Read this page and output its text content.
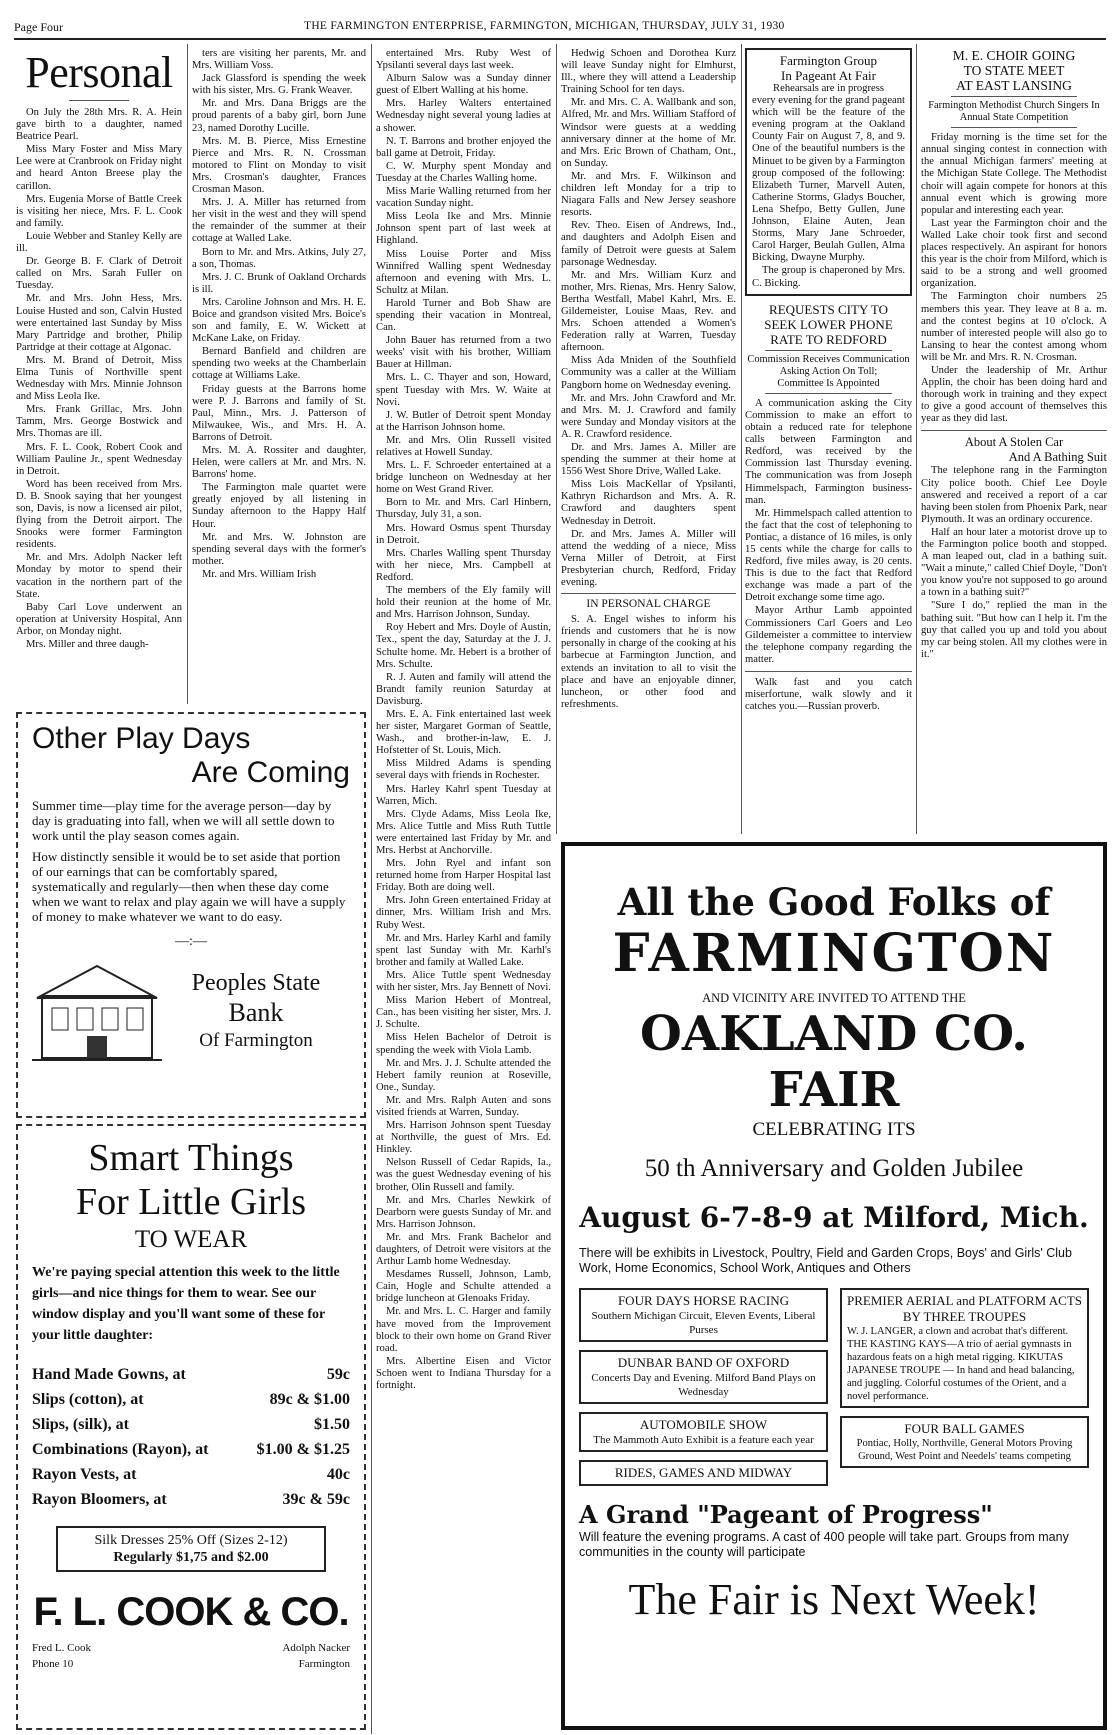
Page Four	THE FARMINGTON ENTERPRISE, FARMINGTON, MICHIGAN, THURSDAY, JULY 31, 1930
Personal

On July the 28th Mrs. R. A. Hein gave birth to a daughter, named Beatrice Pearl.

Miss Mary Foster and Miss Mary Lee were at Cranbrook on Friday night and heard Anton Breese play the carillon.

Mrs. Eugenia Morse of Battle Creek is visiting her niece, Mrs. F. L. Cook and family.

Louie Webber and Stanley Kelly are ill.

Dr. George B. F. Clark of Detroit called on Mrs. Sarah Fuller on Tuesday.

Mr. and Mrs. John Hess, Mrs. Louise Husted and son, Calvin Husted were entertained last Sunday by Miss Mary Partridge and brother, Philip Partridge at their cottage at Algonac.

Mrs. M. Brand of Detroit, Miss Elma Tunis of Northville spent Wednesday with Mrs. Minnie Johnson and Miss Leola Ike.

Mrs. Frank Grillac, Mrs. John Tamm, Mrs. George Bostwick and Mrs. Thomas are ill.

Mrs. F. L. Cook, Robert Cook and William Pauline Jr., spent Wednesday in Detroit.

Word has been received from Mrs. D. B. Snook saying that her youngest son, Davis, is now a licensed air pilot, flying from the Detroit airport. The Snooks were former Farmington residents.

Mr. and Mrs. Adolph Nacker left Monday by motor to spend their vacation in the northern part of the State.

Baby Carl Love underwent an operation at University Hospital, Ann Arbor, on Monday night.

Mrs. Miller and three daugh-

ters are visiting her parents, Mr. and Mrs. William Voss.

Jack Glassford is spending the week with his sister, Mrs. G. Frank Weaver.

Mr. and Mrs. Dana Briggs are the proud parents of a baby girl, born June 23, named Dorothy Lucille.

Mrs. M. B. Pierce, Miss Ernestine Pierce and Mrs. R. N. Crossman motored to Flint on Monday to visit Mrs. Crosman's daughter, Frances Crosman Mason.

Mrs. J. A. Miller has returned from her visit in the west and they will spend the remainder of the summer at their cottage at Walled Lake.

Born to Mr. and Mrs. Atkins, July 27, a son, Thomas.

Mrs. J. C. Brunk of Oakland Orchards is ill.

Mrs. Caroline Johnson and Mrs. H. E. Boice and grandson visited Mrs. Boice's son and family, E. W. Wickett at McKane Lake, on Friday.

Bernard Banfield and children are spending two weeks at the Chamberlain cottage at Williams Lake.

Friday guests at the Barrons home were P. J. Barrons and family of St. Paul, Minn., Mrs. J. Patterson of Milwaukee, Wis., and Mrs. H. A. Barrons of Detroit.

Mrs. M. A. Rossiter and daughter, Helen, were callers at Mr. and Mrs. N. Barrons' home.

The Farmington male quartet were greatly enjoyed by all listening in Sunday afternoon to the Happy Half Hour.

Mr. and Mrs. W. Johnston are spending several days with the former's mother.

Mr. and Mrs. William Irish

Other Play Days
Are Coming
Summer time—play time for the average person—day by day is graduating into fall, when we will all settle down to work until the play season comes again.
How distinctly sensible it would be to set aside that portion of our earnings that can be comfortably spared, systematically and regularly—then when these day come when we want to relax and play again we will have a supply of money to make whatever we want to do easy.
—:—
Peoples State
Bank
Of Farmington
Smart Things
For Little Girls
TO WEAR
We're paying special attention this week to the little girls—and nice things for them to wear. See our window display and you'll want some of these for your little daughter:
Hand Made Gowns, at	59c
Slips (cotton), at	89c & $1.00
Slips, (silk), at	$1.50
Combinations (Rayon), at	$1.00 & $1.25
Rayon Vests, at	40c
Rayon Bloomers, at	39c & 59c
Silk Dresses 25% Off (Sizes 2-12)
Regularly $1,75 and $2.00
F. L. COOK & CO.
Fred L. Cook
Phone 10
Adolph Nacker
Farmington

entertained Mrs. Ruby West of Ypsilanti several days last week.

Alburn Salow was a Sunday dinner guest of Elbert Walling at his home.

Mrs. Harley Walters entertained Wednesday night several young ladies at a shower.

N. T. Barrons and brother enjoyed the ball game at Detroit, Friday.

C. W. Murphy spent Monday and Tuesday at the Charles Walling home.

Miss Marie Walling returned from her vacation Sunday night.

Miss Leola Ike and Mrs. Minnie Johnson spent part of last week at Highland.

Miss Louise Porter and Miss Winnifred Walling spent Wednesday afternoon and evening with Mrs. L. Schultz at Milan.

Harold Turner and Bob Shaw are spending their vacation in Montreal, Can.

John Bauer has returned from a two weeks' visit with his brother, William Bauer at Hillman.

Mrs. L. C. Thayer and son, Howard, spent Tuesday with Mrs. W. Waite at Novi.

J. W. Butler of Detroit spent Monday at the Harrison Johnson home.

Mr. and Mrs. Olin Russell visited relatives at Howell Sunday.

Mrs. L. F. Schroeder entertained at a bridge luncheon on Wednesday at her home on West Grand River.

Born to Mr. and Mrs. Carl Hinbern, Thursday, July 31, a son.

Mrs. Howard Osmus spent Thursday in Detroit.

Mrs. Charles Walling spent Thursday with her niece, Mrs. Campbell at Redford.

The members of the Ely family will hold their reunion at the home of Mr. and Mrs. Harrison Johnson, Sunday.

Roy Hebert and Mrs. Doyle of Austin, Tex., spent the day, Saturday at the J. J. Schulte home. Mr. Hebert is a brother of Mrs. Schulte.

R. J. Auten and family will attend the Brandt family reunion Saturday at Davisburg.

Mrs. E. A. Fink entertained last week her sister, Margaret Gorman of Seattle, Wash., and brother-in-law, E. J. Hofstetter of St. Louis, Mich.

Miss Mildred Adams is spending several days with friends in Rochester.

Mrs. Harley Kahrl spent Tuesday at Warren, Mich.

Mrs. Clyde Adams, Miss Leola Ike, Mrs. Alice Tuttle and Miss Ruth Tuttle were entertained last Friday by Mr. and Mrs. Herbst at Anchorville.

Mrs. John Ryel and infant son returned home from Harper Hospital last Friday. Both are doing well.

Mrs. John Green entertained Friday at dinner, Mrs. William Irish and Mrs. Ruby West.

Mr. and Mrs. Harley Karhl and family spent last Sunday with Mr. Karhl's brother and family at Walled Lake.

Mrs. Alice Tuttle spent Wednesday with her sister, Mrs. Jay Bennett of Novi.

Miss Marion Hebert of Montreal, Can., has been visiting her sister, Mrs. J. J. Schulte.

Miss Helen Bachelor of Detroit is spending the week with Viola Lamb.

Mr. and Mrs. J. J. Schulte attended the Hebert family reunion at Roseville, One., Sunday.

Mr. and Mrs. Ralph Auten and sons visited friends at Warren, Sunday.

Mrs. Harrison Johnson spent Tuesday at Northville, the guest of Mrs. Ed. Hinkley.

Nelson Russell of Cedar Rapids, Ia., was the guest Wednesday evening of his brother, Olin Russell and family.

Mr. and Mrs. Charles Newkirk of Dearborn were guests Sunday of Mr. and Mrs. Harrison Johnson.

Mr. and Mrs. Frank Bachelor and daughters, of Detroit were visitors at the Arthur Lamb home Wednesday.

Mesdames Russell, Johnson, Lamb, Cain, Hogle and Schulte attended a bridge luncheon at Glenoaks Friday.

Mr. and Mrs. L. C. Harger and family have moved from the Improvement block to their own home on Grand River road.

Mrs. Albertine Eisen and Victor Schoen went to Indiana Thursday for a fortnight.

Hedwig Schoen and Dorothea Kurz will leave Sunday night for Elmhurst, Ill., where they will attend a Leadership Training School for ten days.

Mr. and Mrs. C. A. Wallbank and son, Alfred, Mr. and Mrs. William Stafford of Windsor were guests at a wedding anniversary dinner at the home of Mr. and Mrs. Eric Brown of Chatham, Ont., on Sunday.

Mr. and Mrs. F. Wilkinson and children left Monday for a trip to Niagara Falls and New Jersey seashore resorts.

Rev. Theo. Eisen of Andrews, Ind., and daughters and Adolph Eisen and family of Detroit were guests at Salem parsonage Wednesday.

Mr. and Mrs. William Kurz and mother, Mrs. Rienas, Mrs. Henry Salow, Bertha Westfall, Mabel Kahrl, Mrs. E. Gildemeister, Louise Maas, Rev. and Mrs. Schoen attended a Women's Federation rally at Warren, Tuesday afternoon.

Miss Ada Mniden of the Southfield Community was a caller at the William Pangborn home on Wednesday evening.

Mr. and Mrs. John Crawford and Mr. and Mrs. M. J. Crawford and family were Sunday and Monday visitors at the A. R. Crawford residence.

Dr. and Mrs. James A. Miller are spending the summer at their home at 1556 West Shore Drive, Walled Lake.

Miss Lois MacKellar of Ypsilanti, Kathryn Richardson and Mrs. A. R. Crawford and daughters spent Wednesday in Detroit.

Dr. and Mrs. James A. Miller will attend the wedding of a niece, Miss Verna Miller of Detroit, at First Presbyterian church, Redford, Friday evening.

IN PERSONAL CHARGE

S. A. Engel wishes to inform his friends and customers that he is now personally in charge of the cooking at his barbecue at Farmington Junction, and extends an invitation to all to visit the place and have an enjoyable dinner, luncheon, or other food and refreshments.

Farmington Group
In Pageant At Fair
Rehearsals are in progress

every evening for the grand pageant which will be the feature of the evening program at the Oakland County Fair on August 7, 8, and 9. One of the beautiful numbers is the Minuet to be given by a Farmington group composed of the following: Elizabeth Turner, Marvell Auten, Catherine Storms, Gladys Boucher, Lena Shefpo, Betty Gullen, June Johnson, Elaine Auten, Jean Storms, Mary Jane Schroeder, Carol Harger, Beulah Gullen, Alma Bicking, Dwayne Murphy.

The group is chaperoned by Mrs. C. Bicking.

REQUESTS CITY TO
SEEK LOWER PHONE
RATE TO REDFORD
Commission Receives Communication Asking Action On Toll;
Committee Is Appointed

A communication asking the City Commission to make an effort to obtain a reduced rate for telephone calls between Farmington and Redford, was received by the Commission last Thursday evening. The communication was from Joseph Himmelspach, Farmington business-man.

Mr. Himmelspach called attention to the fact that the cost of telephoning to Pontiac, a distance of 16 miles, is only 15 cents while the charge for calls to Redford, five miles away, is 20 cents. This is due to the fact that Redford exchange was made a part of the Detroit exchange some time ago.

Mayor Arthur Lamb appointed Commissioners Carl Goers and Leo Gildemeister a committee to interview the telephone company regarding the matter.

Walk fast and you catch miserfortune, walk slowly and it catches you.—Russian proverb.

M. E. CHOIR GOING
TO STATE MEET
AT EAST LANSING
Farmington Methodist Church Singers In Annual State Competition

Friday morning is the time set for the annual singing contest in connection with the annual Michigan farmers' meeting at the Michigan State College. The Methodist choir will again compete for honors at this annual event which is growing more popular and interesting each year.

Last year the Farmington choir and the Walled Lake choir took first and second places respectively. An aspirant for honors this year is the choir from Milford, which is said to be a strong and well groomed organization.

The Farmington choir numbers 25 members this year. They leave at 8 a. m. and the contest begins at 10 o'clock. A number of interested people will also go to Lansing to hear the contest among whom will be Mr. and Mrs. R. N. Crosman.

Under the leadership of Mr. Arthur Applin, the choir has been doing hard and thorough work in training and they expect to give a good account of themselves this year as they did last.

About A Stolen Car
And A Bathing Suit

The telephone rang in the Farmington City police booth. Chief Lee Doyle answered and received a report of a car having been stolen from Phoenix Park, near Plymouth. It was an ordinary occurence.

Half an hour later a motorist drove up to the Farmington police booth and stopped. A man leaped out, clad in a bathing suit. "Wait a minute," called Chief Doyle, "Don't you know you're not supposed to go around a town in a bathing suit?"

"Sure I do," replied the man in the bathing suit. "But how can I help it. I'm the guy that called you up and told you about my car being stolen. All my clothes were in it."

All the Good Folks of
FARMINGTON
AND VICINITY ARE INVITED TO ATTEND THE
OAKLAND CO. FAIR
CELEBRATING ITS
50 th Anniversary and Golden Jubilee
August 6-7-8-9 at Milford, Mich.
There will be exhibits in Livestock, Poultry, Field and Garden Crops, Boys' and Girls' Club Work, Home Economics, School Work, Antiques and Others
FOUR DAYS HORSE RACING
Southern Michigan Circuit, Eleven Events, Liberal Purses
DUNBAR BAND OF OXFORD
Concerts Day and Evening. Milford Band Plays on Wednesday
AUTOMOBILE SHOW
The Mammoth Auto Exhibit is a feature each year
RIDES, GAMES AND MIDWAY
PREMIER AERIAL and PLATFORM ACTS BY THREE TROUPES
W. J. LANGER, a clown and acrobat that's different. THE KASTING KAYS—A trio of aerial gymnasts in hazardous feats on a high metal rigging. KIKUTAS JAPANESE TROUPE — In hand and head balancing, and juggling. Colorful costumes of the Orient, and a novel performance.
FOUR BALL GAMES
Pontiac, Holly, Northville, General Motors Proving Ground, West Point and Needels' teams competing
A Grand "Pageant of Progress"
Will feature the evening programs. A cast of 400 people will take part. Groups from many communities in the county will participate
The Fair is Next Week!
